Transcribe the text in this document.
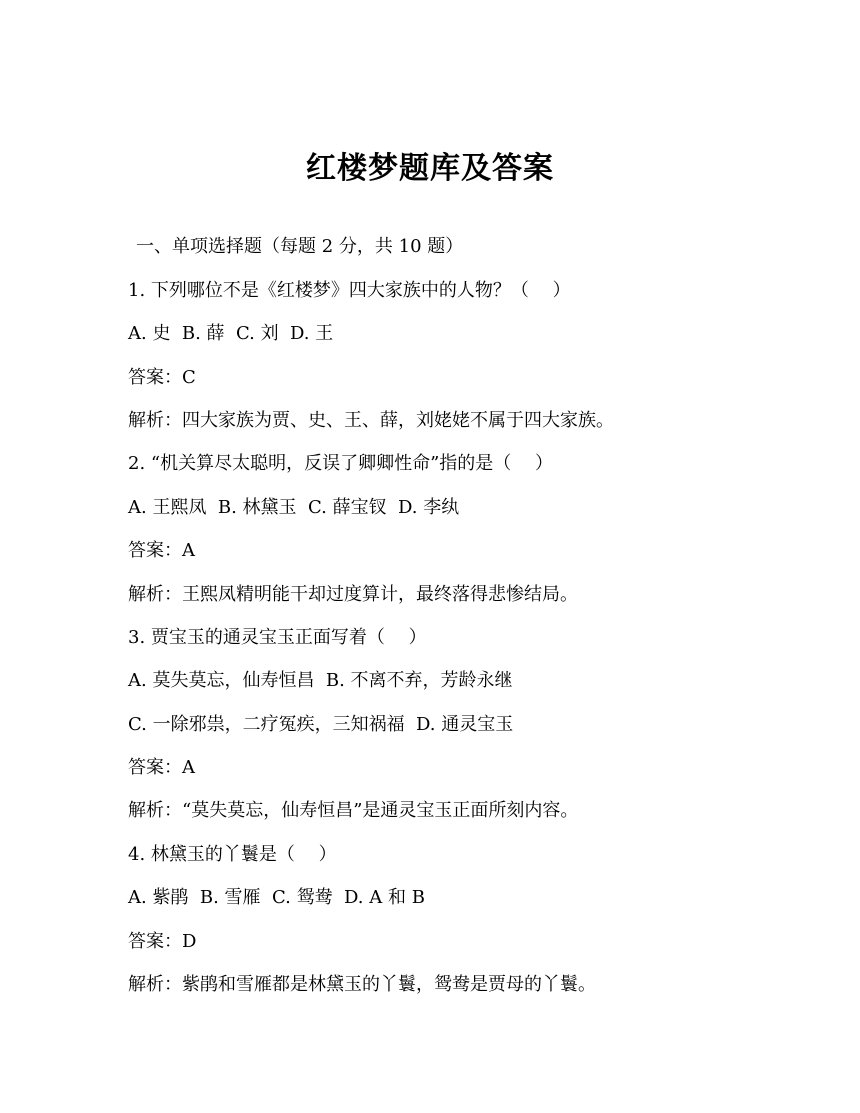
红楼梦题库及答案
一、单项选择题（每题 2 分，共 10 题）
1. 下列哪位不是《红楼梦》四大家族中的人物？（　 ）
A. 史  B. 薛  C. 刘  D. 王
答案：C
解析：四大家族为贾、史、王、薛，刘姥姥不属于四大家族。
2. “机关算尽太聪明，反误了卿卿性命”指的是（　 ）
A. 王熙凤  B. 林黛玉  C. 薛宝钗  D. 李纨
答案：A
解析：王熙凤精明能干却过度算计，最终落得悲惨结局。
3. 贾宝玉的通灵宝玉正面写着（　 ）
A. 莫失莫忘，仙寿恒昌  B. 不离不弃，芳龄永继
C. 一除邪祟，二疗冤疾，三知祸福  D. 通灵宝玉
答案：A
解析：“莫失莫忘，仙寿恒昌”是通灵宝玉正面所刻内容。
4. 林黛玉的丫鬟是（　 ）
A. 紫鹃  B. 雪雁  C. 鸳鸯  D. A 和 B
答案：D
解析：紫鹃和雪雁都是林黛玉的丫鬟，鸳鸯是贾母的丫鬟。
